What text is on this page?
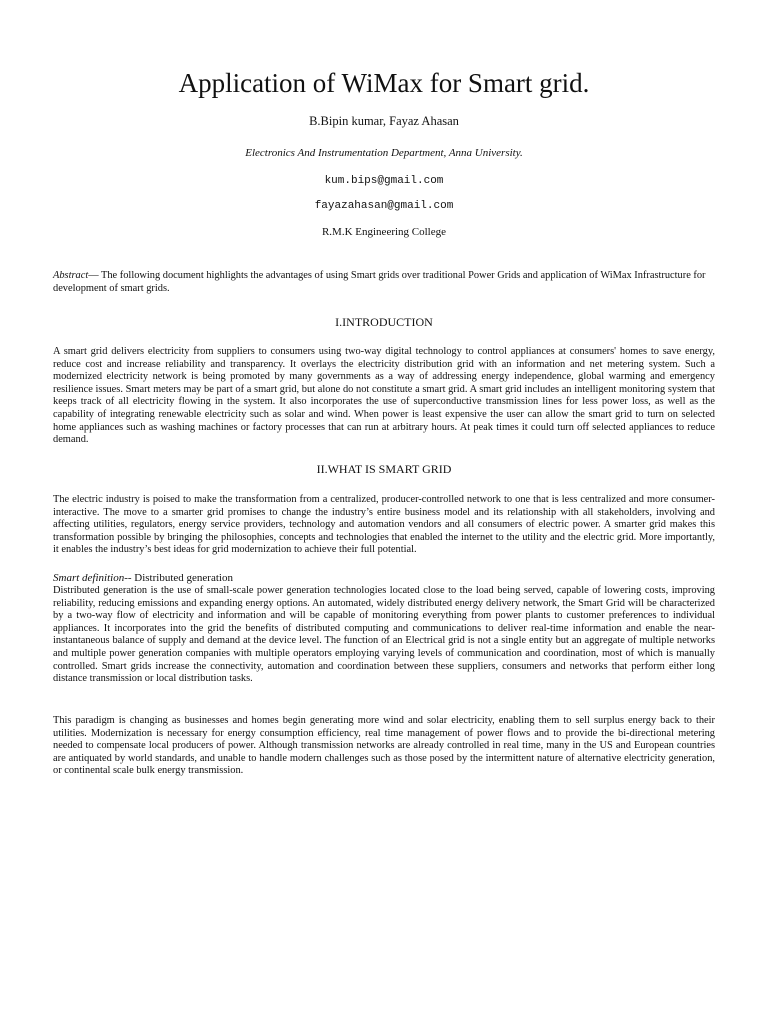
Application of WiMax for Smart grid.
B.Bipin kumar, Fayaz Ahasan
Electronics And Instrumentation Department, Anna University.
kum.bips@gmail.com
fayazahasan@gmail.com
R.M.K Engineering College

Abstract— The following document highlights the advantages of using Smart grids over traditional Power Grids and application of WiMax Infrastructure for development of smart grids.

I.INTRODUCTION

A smart grid delivers electricity from suppliers to consumers using two-way digital technology to control appliances at consumers' homes to save energy, reduce cost and increase reliability and transparency. It overlays the electricity distribution grid with an information and net metering system. Such a modernized electricity network is being promoted by many governments as a way of addressing energy independence, global warming and emergency resilience issues. Smart meters may be part of a smart grid, but alone do not constitute a smart grid. A smart grid includes an intelligent monitoring system that keeps track of all electricity flowing in the system. It also incorporates the use of superconductive transmission lines for less power loss, as well as the capability of integrating renewable electricity such as solar and wind. When power is least expensive the user can allow the smart grid to turn on selected home appliances such as washing machines or factory processes that can run at arbitrary hours. At peak times it could turn off selected appliances to reduce demand.

II.WHAT IS SMART GRID

The electric industry is poised to make the transformation from a centralized, producer-controlled network to one that is less centralized and more consumer-interactive. The move to a smarter grid promises to change the industry’s entire business model and its relationship with all stakeholders, involving and affecting utilities, regulators, energy service providers, technology and automation vendors and all consumers of electric power. A smarter grid makes this transformation possible by bringing the philosophies, concepts and technologies that enabled the internet to the utility and the electric grid. More importantly, it enables the industry’s best ideas for grid modernization to achieve their full potential.

Smart definition-- Distributed generation

Distributed generation is the use of small-scale power generation technologies located close to the load being served, capable of lowering costs, improving reliability, reducing emissions and expanding energy options. An automated, widely distributed energy delivery network, the Smart Grid will be characterized by a two-way flow of electricity and information and will be capable of monitoring everything from power plants to customer preferences to individual appliances. It incorporates into the grid the benefits of distributed computing and communications to deliver real-time information and enable the near-instantaneous balance of supply and demand at the device level. The function of an Electrical grid is not a single entity but an aggregate of multiple networks and multiple power generation companies with multiple operators employing varying levels of communication and coordination, most of which is manually controlled. Smart grids increase the connectivity, automation and coordination between these suppliers, consumers and networks that perform either long distance transmission or local distribution tasks.

This paradigm is changing as businesses and homes begin generating more wind and solar electricity, enabling them to sell surplus energy back to their utilities. Modernization is necessary for energy consumption efficiency, real time management of power flows and to provide the bi-directional metering needed to compensate local producers of power. Although transmission networks are already controlled in real time, many in the US and European countries are antiquated by world standards, and unable to handle modern challenges such as those posed by the intermittent nature of alternative electricity generation, or continental scale bulk energy transmission.
